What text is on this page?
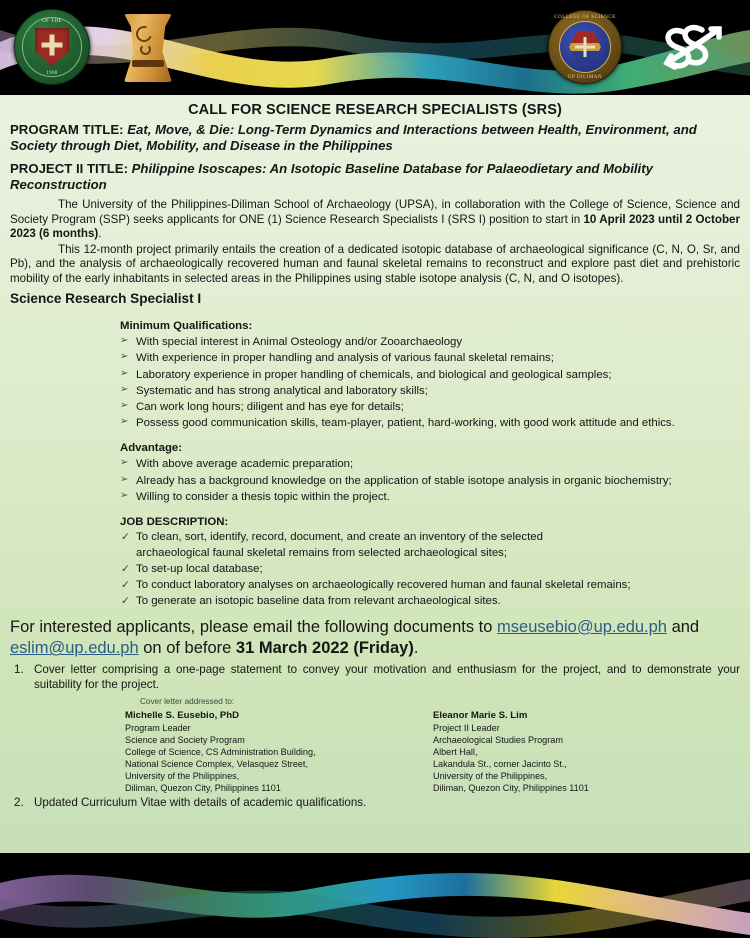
OF THE
1908
COLLEGE OF SCIENCE
UP DILIMAN
CALL FOR SCIENCE RESEARCH SPECIALISTS (SRS)
PROGRAM TITLE: Eat, Move, & Die: Long-Term Dynamics and Interactions between Health, Environment, and Society through Diet, Mobility, and Disease in the Philippines
PROJECT II TITLE: Philippine Isoscapes: An Isotopic Baseline Database for Palaeodietary and Mobility Reconstruction

The University of the Philippines-Diliman School of Archaeology (UPSA), in collaboration with the College of Science, Science and Society Program (SSP) seeks applicants for ONE (1) Science Research Specialists I (SRS I) position to start in 10 April 2023 until 2 October 2023 (6 months).

This 12-month project primarily entails the creation of a dedicated isotopic database of archaeological significance (C, N, O, Sr, and Pb), and the analysis of archaeologically recovered human and faunal skeletal remains to reconstruct and explore past diet and prehistoric mobility of the early inhabitants in selected areas in the Philippines using stable isotope analysis (C, N, and O isotopes).

Science Research Specialist I
Minimum Qualifications:
➢ With special interest in Animal Osteology and/or Zooarchaeology
➢ With experience in proper handling and analysis of various faunal skeletal remains;
➢ Laboratory experience in proper handling of chemicals, and biological and geological samples;
➢ Systematic and has strong analytical and laboratory skills;
➢ Can work long hours; diligent and has eye for details;
➢ Possess good communication skills, team-player, patient, hard-working, with good work attitude and ethics.
Advantage:
➢ With above average academic preparation;
➢ Already has a background knowledge on the application of stable isotope analysis in organic biochemistry;
➢ Willing to consider a thesis topic within the project.
JOB DESCRIPTION:
✓ To clean, sort, identify, record, document, and create an inventory of the selected archaeological faunal skeletal remains from selected archaeological sites;
✓ To set-up local database;
✓ To conduct laboratory analyses on archaeologically recovered human and faunal skeletal remains;
✓ To generate an isotopic baseline data from relevant archaeological sites.

For interested applicants, please email the following documents to mseusebio@up.edu.ph and eslim@up.edu.ph on of before 31 March 2022 (Friday).

Cover letter comprising a one-page statement to convey your motivation and enthusiasm for the project, and to demonstrate your suitability for the project.
Cover letter addressed to:
Michelle S. Eusebio, PhD
Program Leader
Science and Society Program
College of Science, CS Administration Building,
National Science Complex, Velasquez Street,
University of the Philippines,
Diliman, Quezon City, Philippines 1101
Eleanor Marie S. Lim
Project II Leader
Archaeological Studies Program
Albert Hall,
Lakandula St., corner Jacinto St.,
University of the Philippines,
Diliman, Quezon City, Philippines 1101
Updated Curriculum Vitae with details of academic qualifications.
